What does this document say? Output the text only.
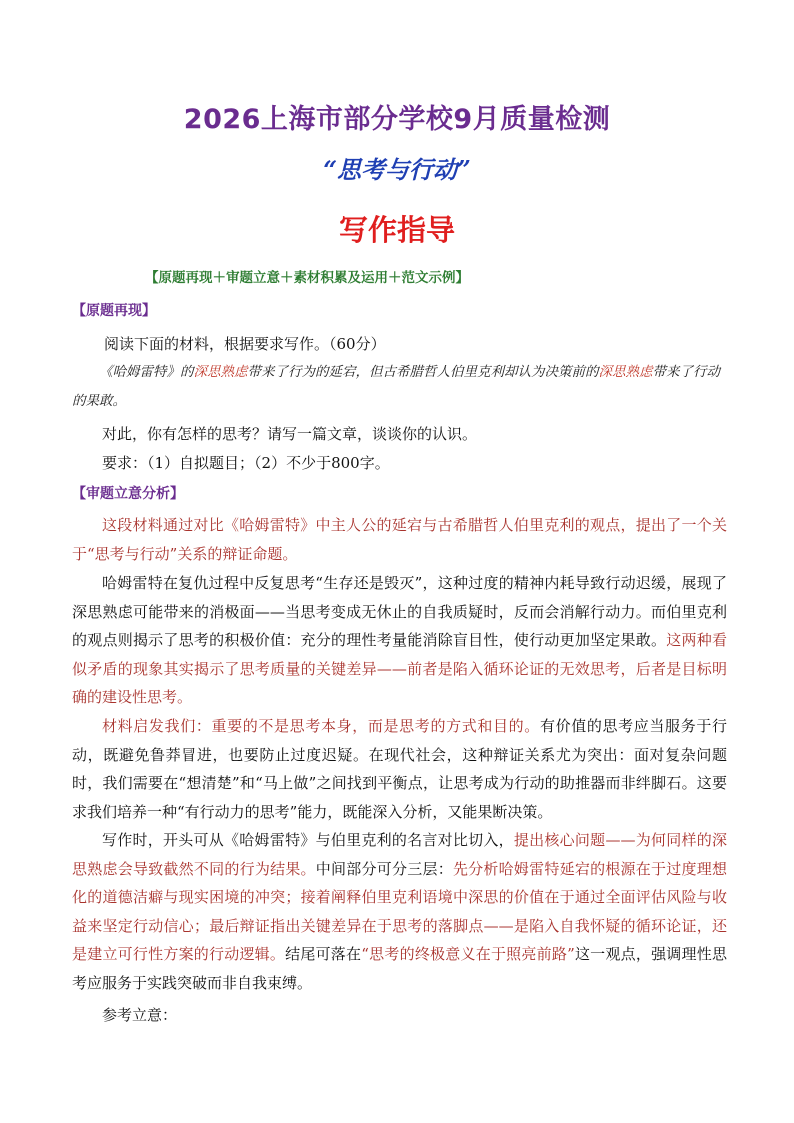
2026上海市部分学校9月质量检测
“思考与行动”
写作指导
【原题再现＋审题立意＋素材积累及运用＋范文示例】
【原题再现】
阅读下面的材料，根据要求写作。（60分）
《哈姆雷特》的深思熟虑带来了行为的延宕，但古希腊哲人伯里克利却认为决策前的深思熟虑带来了行动的果敢。
对此，你有怎样的思考？请写一篇文章，谈谈你的认识。
要求：（1）自拟题目；（2）不少于800字。
【审题立意分析】
这段材料通过对比《哈姆雷特》中主人公的延宕与古希腊哲人伯里克利的观点，提出了一个关于“思考与行动”关系的辩证命题。
哈姆雷特在复仇过程中反复思考“生存还是毁灭”，这种过度的精神内耗导致行动迟缓，展现了深思熟虑可能带来的消极面——当思考变成无休止的自我质疑时，反而会消解行动力。而伯里克利的观点则揭示了思考的积极价值：充分的理性考量能消除盲目性，使行动更加坚定果敢。这两种看似矛盾的现象其实揭示了思考质量的关键差异——前者是陷入循环论证的无效思考，后者是目标明确的建设性思考。
材料启发我们：重要的不是思考本身，而是思考的方式和目的。有价值的思考应当服务于行动，既避免鲁莽冒进，也要防止过度迟疑。在现代社会，这种辩证关系尤为突出：面对复杂问题时，我们需要在“想清楚”和“马上做”之间找到平衡点，让思考成为行动的助推器而非绊脚石。这要求我们培养一种“有行动力的思考”能力，既能深入分析，又能果断决策。
写作时，开头可从《哈姆雷特》与伯里克利的名言对比切入，提出核心问题——为何同样的深思熟虑会导致截然不同的行为结果。中间部分可分三层：先分析哈姆雷特延宕的根源在于过度理想化的道德洁癖与现实困境的冲突；接着阐释伯里克利语境中深思的价值在于通过全面评估风险与收益来坚定行动信心；最后辩证指出关键差异在于思考的落脚点——是陷入自我怀疑的循环论证，还是建立可行性方案的行动逻辑。结尾可落在“思考的终极意义在于照亮前路”这一观点，强调理性思考应服务于实践突破而非自我束缚。
参考立意：
